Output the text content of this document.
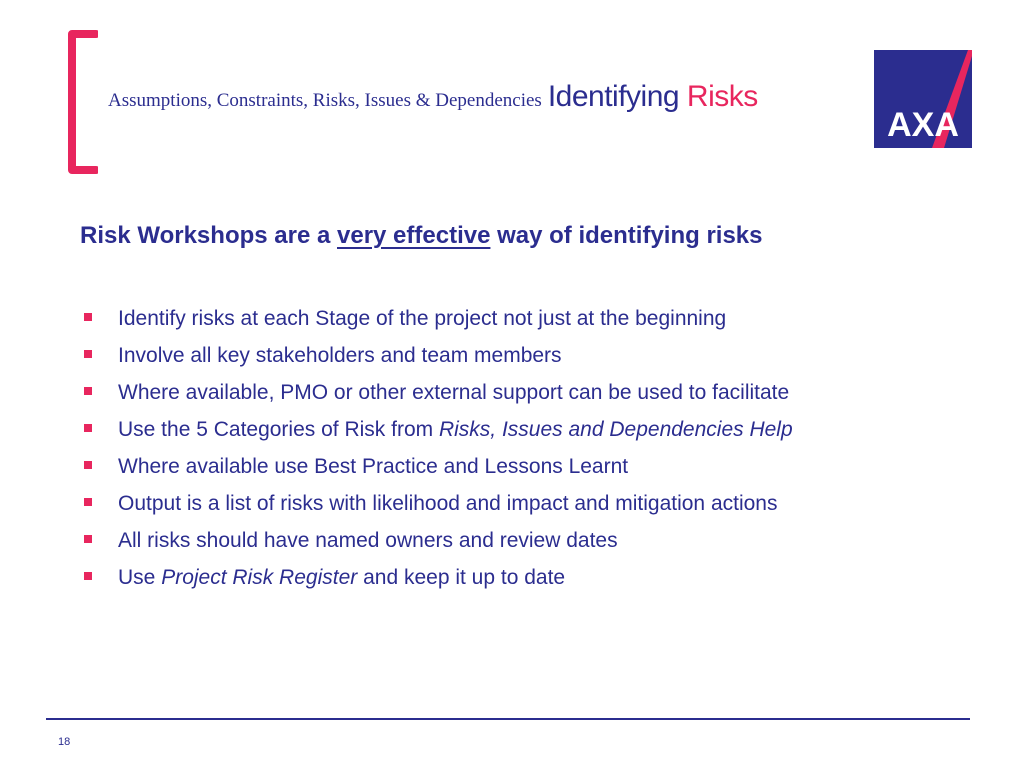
Assumptions, Constraints, Risks, Issues & Dependencies Identifying Risks
AXA
Risk Workshops are a very effective way of identifying risks
Identify risks at each Stage of the project not just at the beginning
Involve all key stakeholders and team members
Where available, PMO or other external support can be used to facilitate
Use the 5 Categories of Risk from Risks, Issues and Dependencies Help
Where available use Best Practice and Lessons Learnt
Output is a list of risks with likelihood and impact and mitigation actions
All risks should have named owners and review dates
Use Project Risk Register and keep it up to date
18
